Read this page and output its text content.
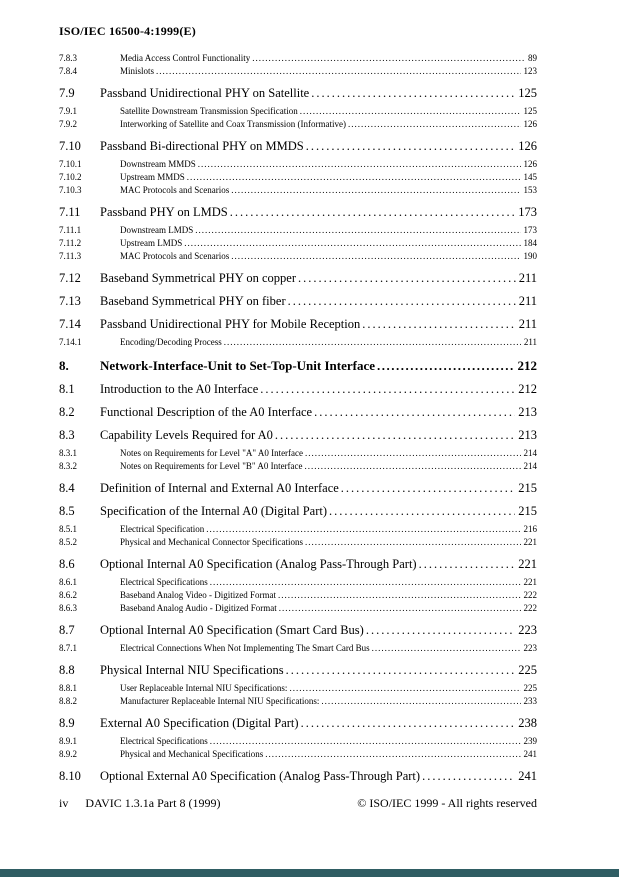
ISO/IEC 16500-4:1999(E)
7.8.3	Media Access Control Functionality .....	89
7.8.4	Minislots .....	123
7.9	Passband Unidirectional PHY on Satellite .....	125
7.9.1	Satellite Downstream Transmission Specification .....	125
7.9.2	Interworking of Satellite and Coax Transmission (Informative) .....	126
7.10	Passband Bi-directional PHY on MMDS .....	126
7.10.1	Downstream MMDS .....	126
7.10.2	Upstream MMDS .....	145
7.10.3	MAC Protocols and Scenarios .....	153
7.11	Passband PHY on LMDS .....	173
7.11.1	Downstream LMDS .....	173
7.11.2	Upstream LMDS .....	184
7.11.3	MAC Protocols and Scenarios .....	190
7.12	Baseband Symmetrical PHY on copper .....	211
7.13	Baseband Symmetrical PHY on fiber .....	211
7.14	Passband Unidirectional PHY for Mobile Reception .....	211
7.14.1	Encoding/Decoding Process .....	211
8.	Network-Interface-Unit to Set-Top-Unit Interface .....	212
8.1	Introduction to the A0 Interface .....	212
8.2	Functional Description of the A0 Interface .....	213
8.3	Capability Levels Required for A0 .....	213
8.3.1	Notes on Requirements for Level "A" A0 Interface .....	214
8.3.2	Notes on Requirements for Level "B" A0 Interface .....	214
8.4	Definition of Internal and External A0 Interface .....	215
8.5	Specification of the Internal A0 (Digital Part) .....	215
8.5.1	Electrical Specification .....	216
8.5.2	Physical and Mechanical Connector Specifications .....	221
8.6	Optional Internal A0 Specification (Analog Pass-Through Part) .....	221
8.6.1	Electrical Specifications .....	221
8.6.2	Baseband Analog Video - Digitized Format .....	222
8.6.3	Baseband Analog Audio - Digitized Format .....	222
8.7	Optional Internal A0 Specification (Smart Card Bus) .....	223
8.7.1	Electrical Connections When Not Implementing The Smart Card Bus .....	223
8.8	Physical Internal NIU Specifications .....	225
8.8.1	User Replaceable Internal NIU Specifications: .....	225
8.8.2	Manufacturer Replaceable Internal NIU Specifications: .....	233
8.9	External A0 Specification (Digital Part) .....	238
8.9.1	Electrical Specifications .....	239
8.9.2	Physical and Mechanical Specifications .....	241
8.10	Optional External A0 Specification (Analog Pass-Through Part) .....	241
iv DAVIC 1.3.1a Part 8 (1999)	© ISO/IEC 1999 - All rights reserved
